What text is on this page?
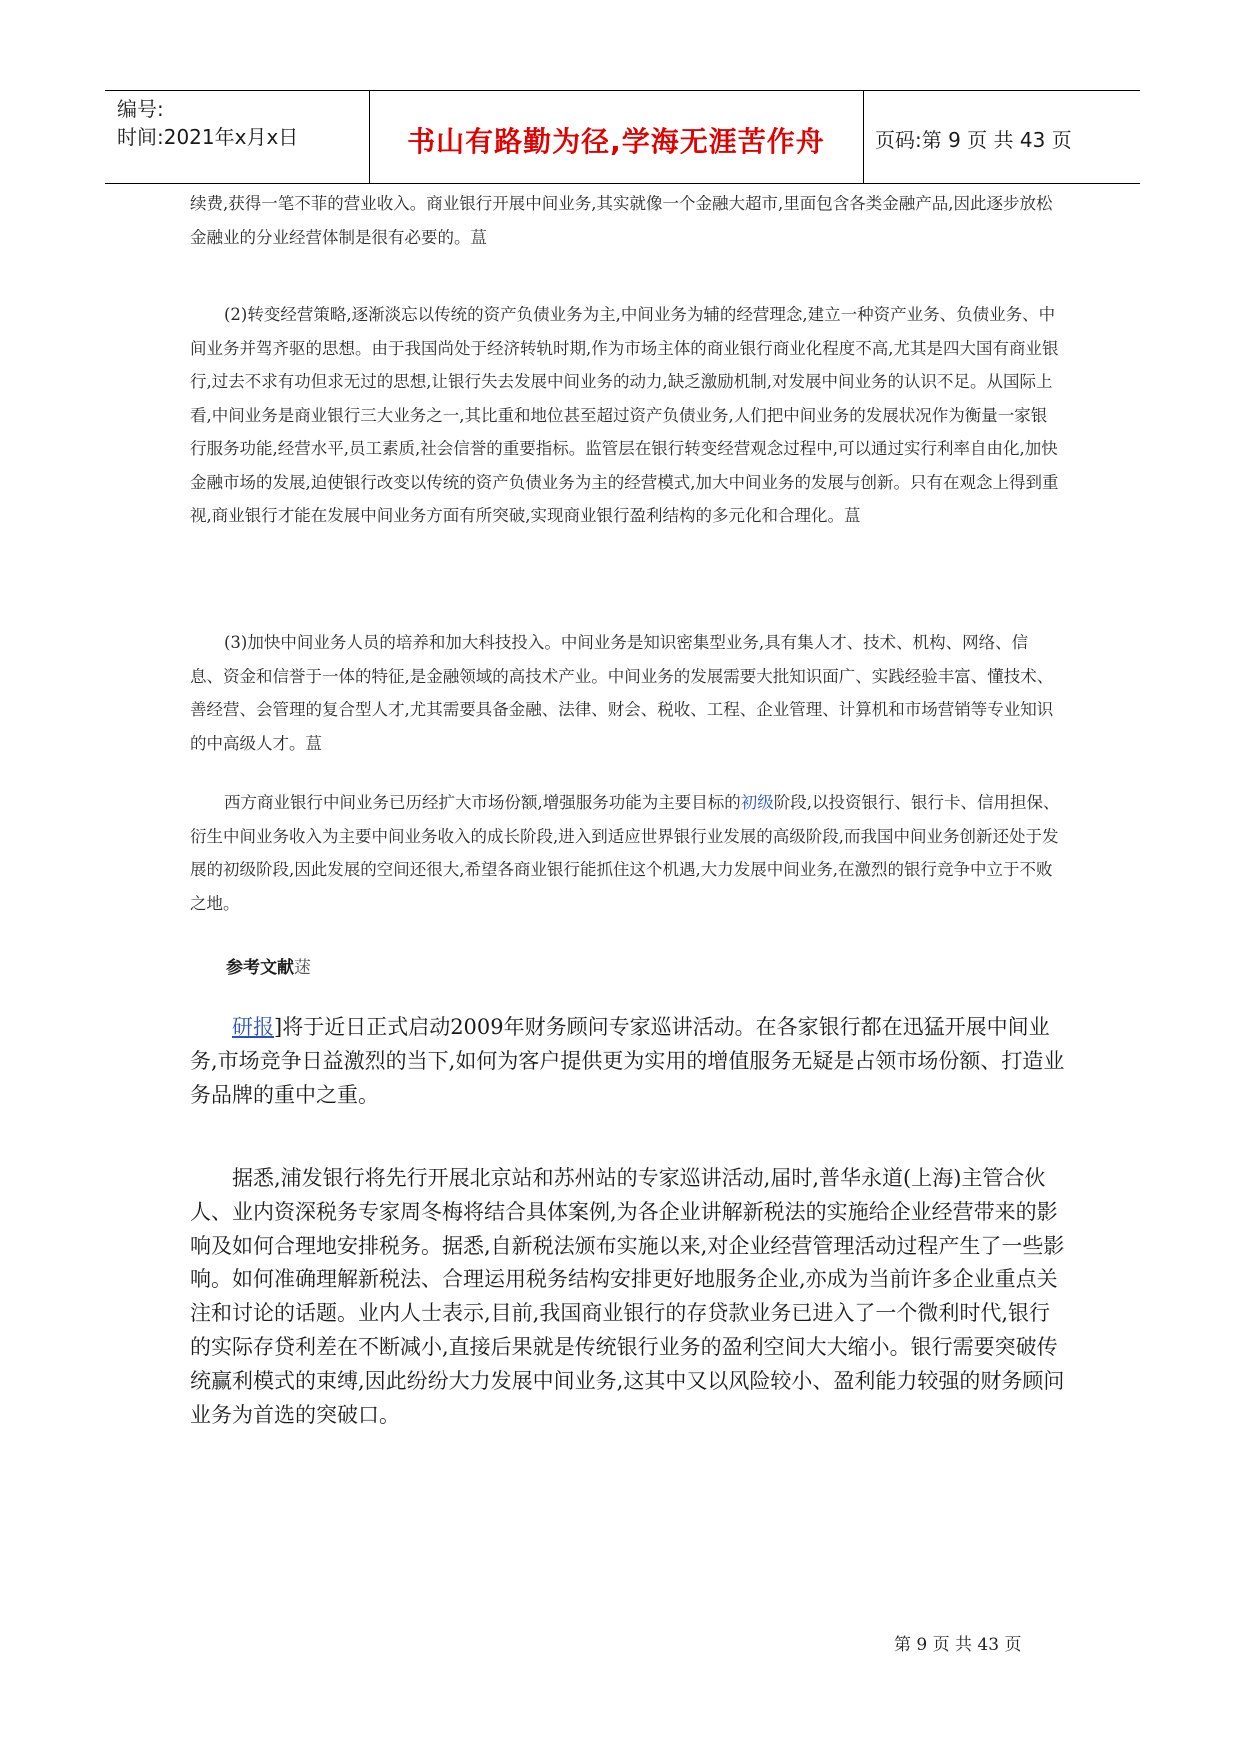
编号:
时间:2021年x月x日	书山有路勤为径,学海无涯苦作舟	页码:第 9 页 共 43 页
续费,获得一笔不菲的营业收入。商业银行开展中间业务,其实就像一个金融大超市,里面包含各类金融产品,因此逐步放松金融业的分业经营体制是很有必要的。蒀
(2)转变经营策略,逐渐淡忘以传统的资产负债业务为主,中间业务为辅的经营理念,建立一种资产业务、负债业务、中间业务并驾齐驱的思想。由于我国尚处于经济转轨时期,作为市场主体的商业银行商业化程度不高,尤其是四大国有商业银行,过去不求有功但求无过的思想,让银行失去发展中间业务的动力,缺乏激励机制,对发展中间业务的认识不足。从国际上看,中间业务是商业银行三大业务之一,其比重和地位甚至超过资产负债业务,人们把中间业务的发展状况作为衡量一家银行服务功能,经营水平,员工素质,社会信誉的重要指标。监管层在银行转变经营观念过程中,可以通过实行利率自由化,加快金融市场的发展,迫使银行改变以传统的资产负债业务为主的经营模式,加大中间业务的发展与创新。只有在观念上得到重视,商业银行才能在发展中间业务方面有所突破,实现商业银行盈利结构的多元化和合理化。蒀
(3)加快中间业务人员的培养和加大科技投入。中间业务是知识密集型业务,具有集人才、技术、机构、网络、信息、资金和信誉于一体的特征,是金融领域的高技术产业。中间业务的发展需要大批知识面广、实践经验丰富、懂技术、善经营、会管理的复合型人才,尤其需要具备金融、法律、财会、税收、工程、企业管理、计算机和市场营销等专业知识的中高级人才。蒀
西方商业银行中间业务已历经扩大市场份额,增强服务功能为主要目标的初级阶段,以投资银行、银行卡、信用担保、衍生中间业务收入为主要中间业务收入的成长阶段,进入到适应世界银行业发展的高级阶段,而我国中间业务创新还处于发展的初级阶段,因此发展的空间还很大,希望各商业银行能抓住这个机遇,大力发展中间业务,在激烈的银行竞争中立于不败之地。
参考文献蒁
研报]将于近日正式启动2009年财务顾问专家巡讲活动。在各家银行都在迅猛开展中间业务,市场竞争日益激烈的当下,如何为客户提供更为实用的增值服务无疑是占领市场份额、打造业务品牌的重中之重。
据悉,浦发银行将先行开展北京站和苏州站的专家巡讲活动,届时,普华永道(上海)主管合伙人、业内资深税务专家周冬梅将结合具体案例,为各企业讲解新税法的实施给企业经营带来的影响及如何合理地安排税务。据悉,自新税法颁布实施以来,对企业经营管理活动过程产生了一些影响。如何准确理解新税法、合理运用税务结构安排更好地服务企业,亦成为当前许多企业重点关注和讨论的话题。业内人士表示,目前,我国商业银行的存贷款业务已进入了一个微利时代,银行的实际存贷利差在不断减小,直接后果就是传统银行业务的盈利空间大大缩小。银行需要突破传统赢利模式的束缚,因此纷纷大力发展中间业务,这其中又以风险较小、盈利能力较强的财务顾问业务为首选的突破口。
第 9 页 共 43 页
